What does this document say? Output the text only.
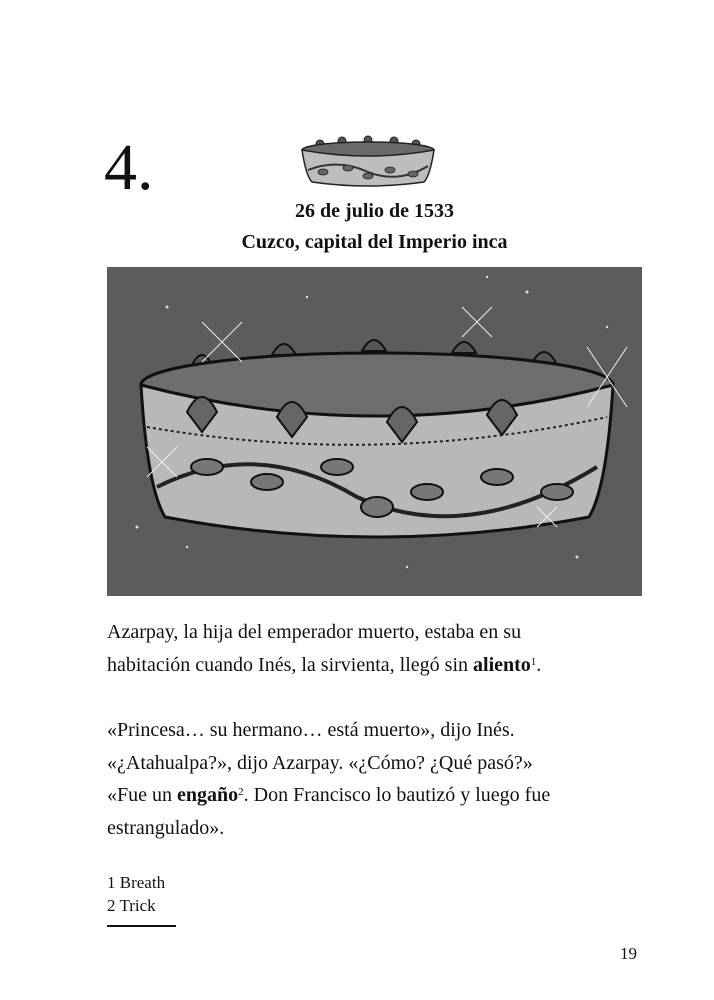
4.
26 de julio de 1533
Cuzco, capital del Imperio inca

Azarpay, la hija del emperador muerto, estaba en su

habitación cuando Inés, la sirvienta, llegó sin aliento$^1$.

«Princesa… su hermano… está muerto», dijo Inés.

«¿Atahualpa?», dijo Azarpay. «¿Cómo? ¿Qué pasó?»

«Fue un engaño$^2$. Don Francisco lo bautizó y luego fue

estrangulado».

1 Breath
2 Trick
19
